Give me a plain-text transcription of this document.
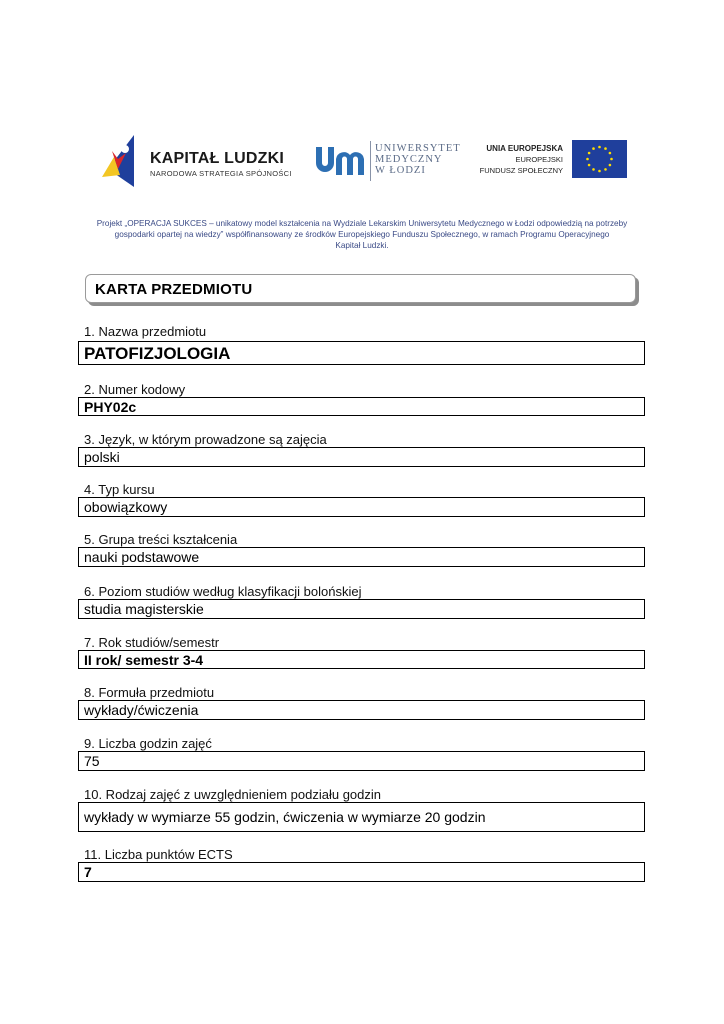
KAPITAŁ LUDZKI
NARODOWA STRATEGIA SPÓJNOŚCI
UNIWERSYTET
MEDYCZNY
W ŁODZI
UNIA EUROPEJSKA
EUROPEJSKI
FUNDUSZ SPOŁECZNY
Projekt „OPERACJA SUKCES – unikatowy model kształcenia na Wydziale Lekarskim Uniwersytetu Medycznego w Łodzi odpowiedzią na potrzeby
gospodarki opartej na wiedzy” współfinansowany ze środków Europejskiego Funduszu Społecznego, w ramach Programu Operacyjnego
Kapitał Ludzki.
KARTA PRZEDMIOTU
1. Nazwa przedmiotu
PATOFIZJOLOGIA
2. Numer kodowy
PHY02c
3. Język, w którym prowadzone są zajęcia
polski
4. Typ kursu
obowiązkowy
5. Grupa treści kształcenia
nauki podstawowe
6. Poziom studiów według klasyfikacji bolońskiej
studia magisterskie
7. Rok studiów/semestr
II rok/ semestr 3-4
8. Formuła przedmiotu
wykłady/ćwiczenia
9. Liczba godzin zajęć
75
10. Rodzaj zajęć z uwzględnieniem podziału godzin
wykłady w wymiarze 55 godzin, ćwiczenia w wymiarze 20 godzin
11. Liczba punktów ECTS
7
